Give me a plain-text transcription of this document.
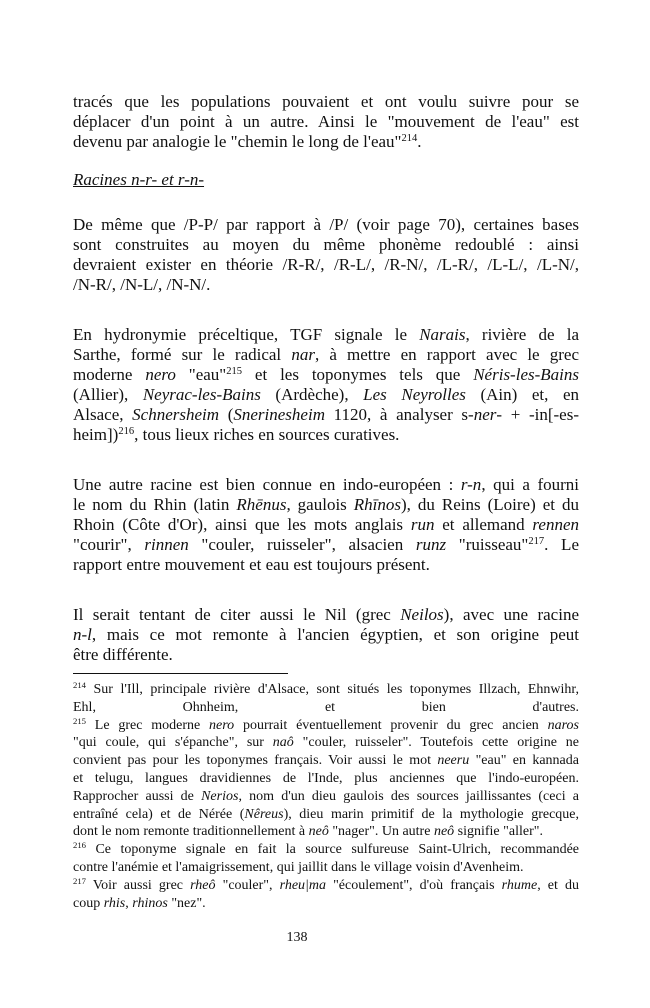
tracés que les populations pouvaient et ont voulu suivre pour se
déplacer d'un point à un autre. Ainsi le "mouvement de l'eau" est
devenu par analogie le "chemin le long de l'eau"$^{214}$.
Racines n-r- et r-n-
De même que /P-P/ par rapport à /P/ (voir page 70), certaines bases
sont construites au moyen du même phonème redoublé : ainsi
devraient exister en théorie /R-R/, /R-L/, /R-N/, /L-R/, /L-L/, /L-N/,
/N-R/, /N-L/, /N-N/.
En hydronymie préceltique, TGF signale le Narais, rivière de la
Sarthe, formé sur le radical nar, à mettre en rapport avec le grec
moderne nero "eau"$^{215}$ et les toponymes tels que Néris-les-Bains
(Allier), Neyrac-les-Bains (Ardèche), Les Neyrolles (Ain) et, en
Alsace, Schnersheim (Snerinesheim 1120, à analyser s-ner- + -in[-es-
heim])$^{216}$, tous lieux riches en sources curatives.
Une autre racine est bien connue en indo-européen : r-n, qui a fourni
le nom du Rhin (latin Rhēnus, gaulois Rhīnos), du Reins (Loire) et du
Rhoin (Côte d'Or), ainsi que les mots anglais run et allemand rennen
"courir", rinnen "couler, ruisseler", alsacien runz "ruisseau"$^{217}$. Le
rapport entre mouvement et eau est toujours présent.
Il serait tentant de citer aussi le Nil (grec Neilos), avec une racine
n-l, mais ce mot remonte à l'ancien égyptien, et son origine peut
être différente.
$^{214}$ Sur l'Ill, principale rivière d'Alsace, sont situés les toponymes Illzach, Ehnwihr,
Ehl, Ohnheim, et bien d'autres.
$^{215}$ Le grec moderne nero pourrait éventuellement provenir du grec ancien naros
"qui coule, qui s'épanche", sur naô "couler, ruisseler". Toutefois cette origine ne
convient pas pour les toponymes français. Voir aussi le mot neeru "eau" en kannada
et telugu, langues dravidiennes de l'Inde, plus anciennes que l'indo-européen.
Rapprocher aussi de Nerios, nom d'un dieu gaulois des sources jaillissantes (ceci a
entraîné cela) et de Nérée (Nêreus), dieu marin primitif de la mythologie grecque,
dont le nom remonte traditionnellement à neô "nager". Un autre neô signifie "aller".
$^{216}$ Ce toponyme signale en fait la source sulfureuse Saint-Ulrich, recommandée
contre l'anémie et l'amaigrissement, qui jaillit dans le village voisin d'Avenheim.
$^{217}$ Voir aussi grec rheô "couler", rheu|ma "écoulement", d'où français rhume, et du
coup rhis, rhinos "nez".
138
